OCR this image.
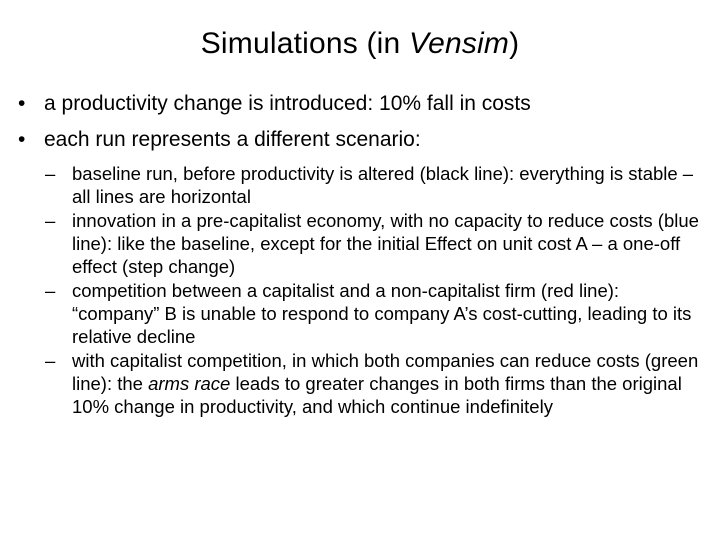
Simulations (in Vensim)
• a productivity change is introduced: 10% fall in costs
• each run represents a different scenario:
– baseline run, before productivity is altered (black line): everything is stable – all lines are horizontal
– innovation in a pre-capitalist economy, with no capacity to reduce costs (blue line): like the baseline, except for the initial Effect on unit cost A – a one-off effect (step change)
– competition between a capitalist and a non-capitalist firm (red line): “company” B is unable to respond to company A’s cost-cutting, leading to its relative decline
– with capitalist competition, in which both companies can reduce costs (green line): the arms race leads to greater changes in both firms than the original 10% change in productivity, and which continue indefinitely
